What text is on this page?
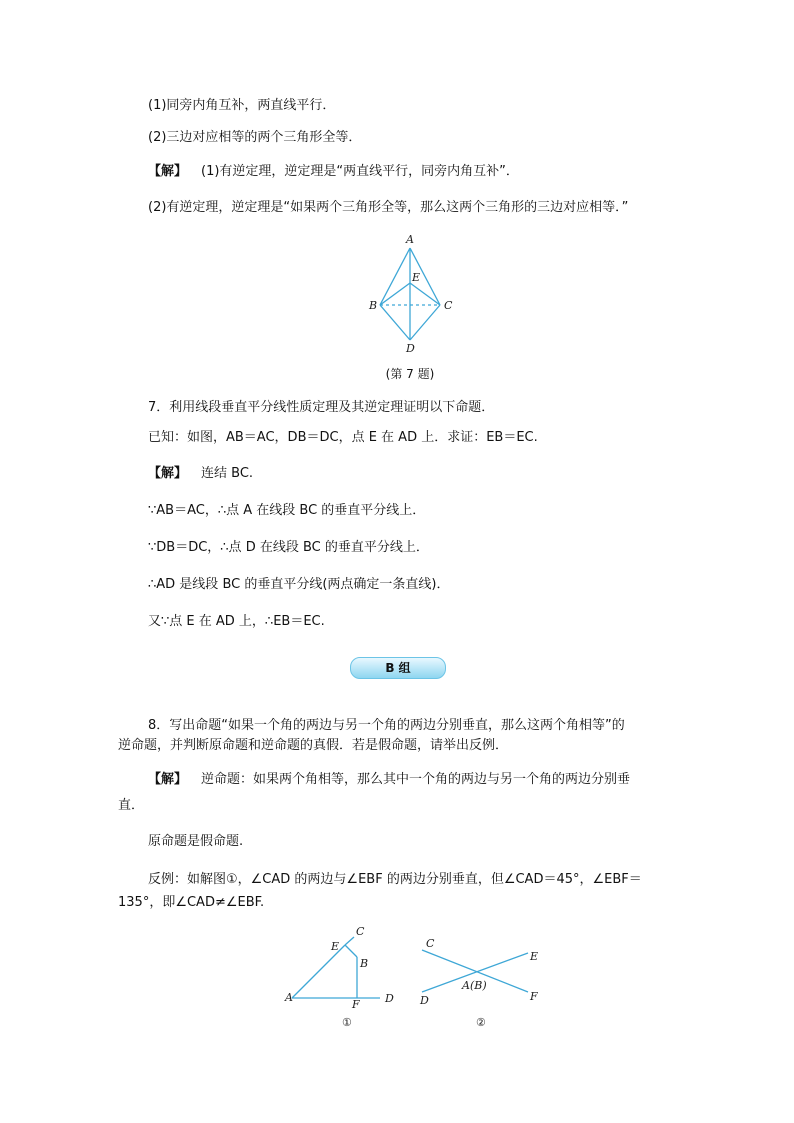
(1)同旁内角互补，两直线平行．
(2)三边对应相等的两个三角形全等．
【解】 (1)有逆定理，逆定理是“两直线平行，同旁内角互补”．
(2)有逆定理，逆定理是“如果两个三角形全等，那么这两个三角形的三边对应相等．”
A
B	C
D
E
(第 7 题)
7．利用线段垂直平分线性质定理及其逆定理证明以下命题．
已知：如图，AB＝AC，DB＝DC，点 E 在 AD 上．求证：EB＝EC.
【解】 连结 BC.
∵AB＝AC，∴点 A 在线段 BC 的垂直平分线上．
∵DB＝DC，∴点 D 在线段 BC 的垂直平分线上．
∴AD 是线段 BC 的垂直平分线(两点确定一条直线)．
又∵点 E 在 AD 上，∴EB＝EC.
B 组
8．写出命题“如果一个角的两边与另一个角的两边分别垂直，那么这两个角相等”的
逆命题，并判断原命题和逆命题的真假．若是假命题，请举出反例．
【解】 逆命题：如果两个角相等，那么其中一个角的两边与另一个角的两边分别垂
直．
原命题是假命题.
反例：如解图①，∠CAD 的两边与∠EBF 的两边分别垂直，但∠CAD＝45°，∠EBF＝
135°，即∠CAD≠∠EBF.
A
B
C
D
E
F
①
C
D
E
F
A(B)
②
